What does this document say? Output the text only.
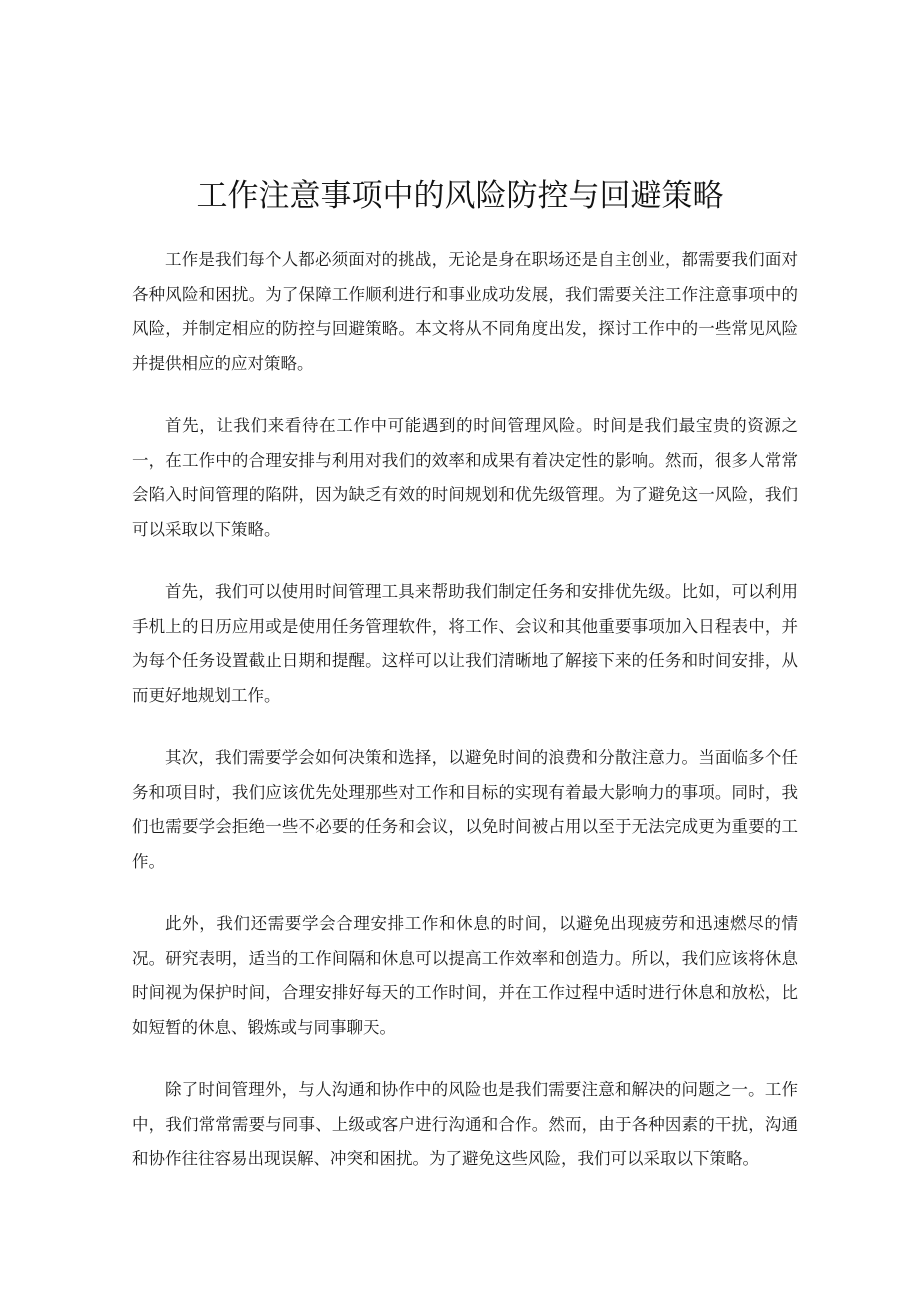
工作注意事项中的风险防控与回避策略

工作是我们每个人都必须面对的挑战，无论是身在职场还是自主创业，都需要我们面对各种风险和困扰。为了保障工作顺利进行和事业成功发展，我们需要关注工作注意事项中的风险，并制定相应的防控与回避策略。本文将从不同角度出发，探讨工作中的一些常见风险并提供相应的应对策略。

首先，让我们来看待在工作中可能遇到的时间管理风险。时间是我们最宝贵的资源之一，在工作中的合理安排与利用对我们的效率和成果有着决定性的影响。然而，很多人常常会陷入时间管理的陷阱，因为缺乏有效的时间规划和优先级管理。为了避免这一风险，我们可以采取以下策略。

首先，我们可以使用时间管理工具来帮助我们制定任务和安排优先级。比如，可以利用手机上的日历应用或是使用任务管理软件，将工作、会议和其他重要事项加入日程表中，并为每个任务设置截止日期和提醒。这样可以让我们清晰地了解接下来的任务和时间安排，从而更好地规划工作。

其次，我们需要学会如何决策和选择，以避免时间的浪费和分散注意力。当面临多个任务和项目时，我们应该优先处理那些对工作和目标的实现有着最大影响力的事项。同时，我们也需要学会拒绝一些不必要的任务和会议，以免时间被占用以至于无法完成更为重要的工作。

此外，我们还需要学会合理安排工作和休息的时间，以避免出现疲劳和迅速燃尽的情况。研究表明，适当的工作间隔和休息可以提高工作效率和创造力。所以，我们应该将休息时间视为保护时间，合理安排好每天的工作时间，并在工作过程中适时进行休息和放松，比如短暂的休息、锻炼或与同事聊天。

除了时间管理外，与人沟通和协作中的风险也是我们需要注意和解决的问题之一。工作中，我们常常需要与同事、上级或客户进行沟通和合作。然而，由于各种因素的干扰，沟通和协作往往容易出现误解、冲突和困扰。为了避免这些风险，我们可以采取以下策略。
